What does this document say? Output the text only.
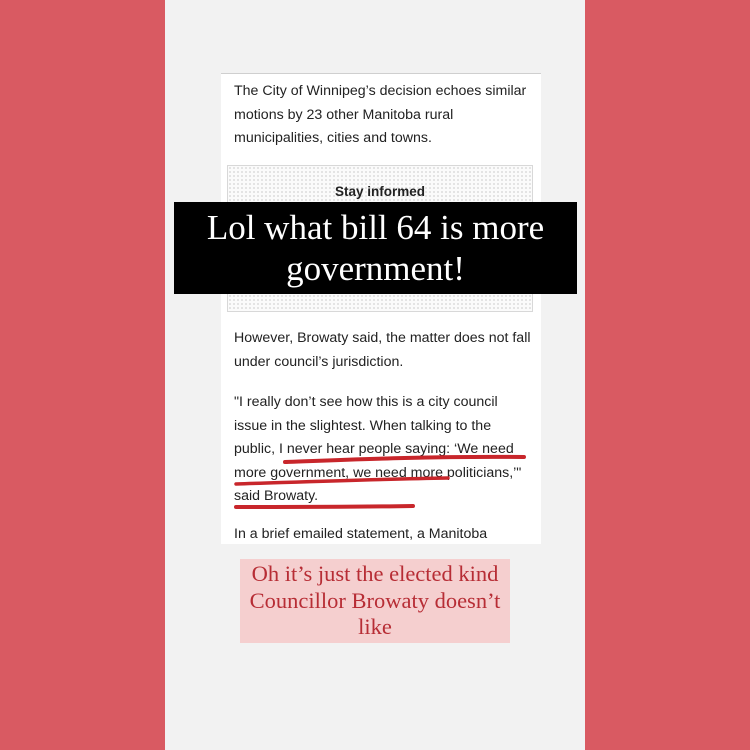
The City of Winnipeg’s decision echoes similar motions by 23 other Manitoba rural municipalities, cities and towns.

Stay informed

However, Browaty said, the matter does not fall under council’s jurisdiction.

"I really don’t see how this is a city council issue in the slightest. When talking to the public, I never hear people saying: ‘We need more government, we need more politicians,’" said Browaty.

In a brief emailed statement, a Manitoba

Lol what bill 64 is more government!
Oh it’s just the elected kind Councillor Browaty doesn’t like
